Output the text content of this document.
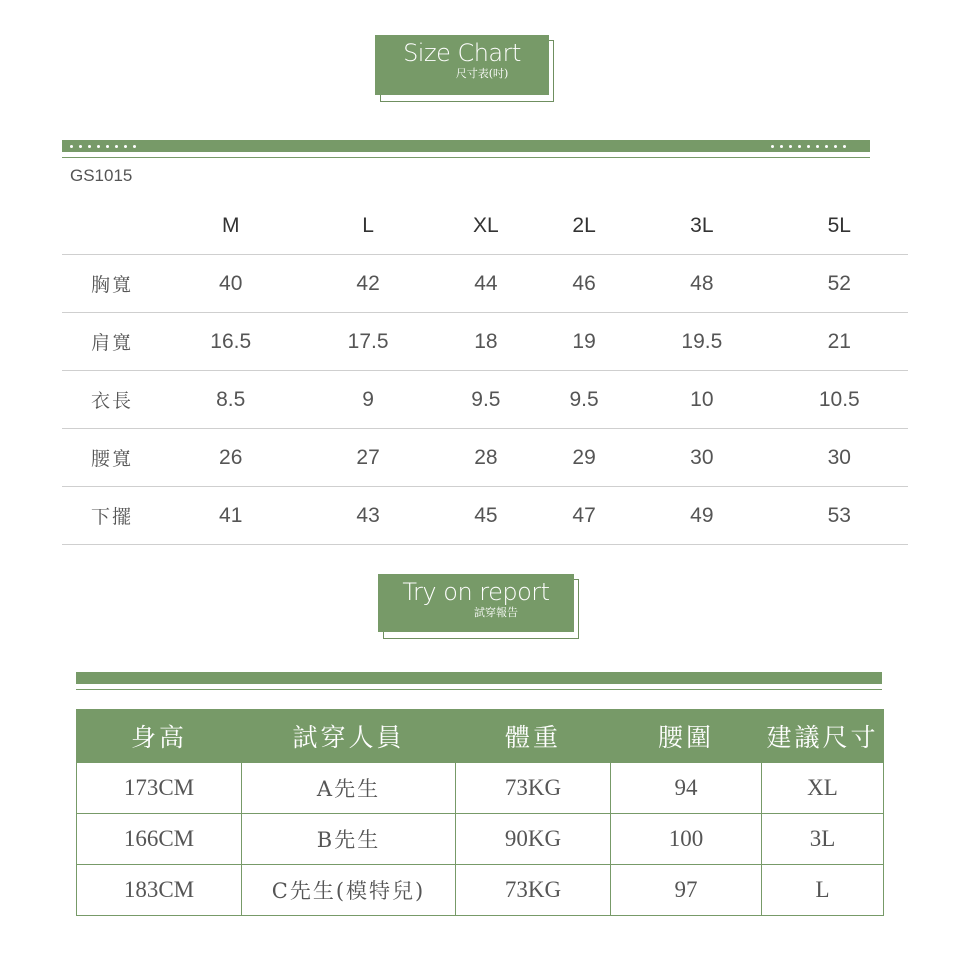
Size Chart
尺寸表(吋)
GS1015
	M	L	XL	2L	3L	5L
胸寬	40	42	44	46	48	52
肩寬	16.5	17.5	18	19	19.5	21
衣長	8.5	9	9.5	9.5	10	10.5
腰寬	26	27	28	29	30	30
下擺	41	43	45	47	49	53
Try on report
試穿報告
身高	試穿人員	體重	腰圍	建議尺寸
173CM	A先生	73KG	94	XL
166CM	B先生	90KG	100	3L
183CM	C先生(模特兒)	73KG	97	L
